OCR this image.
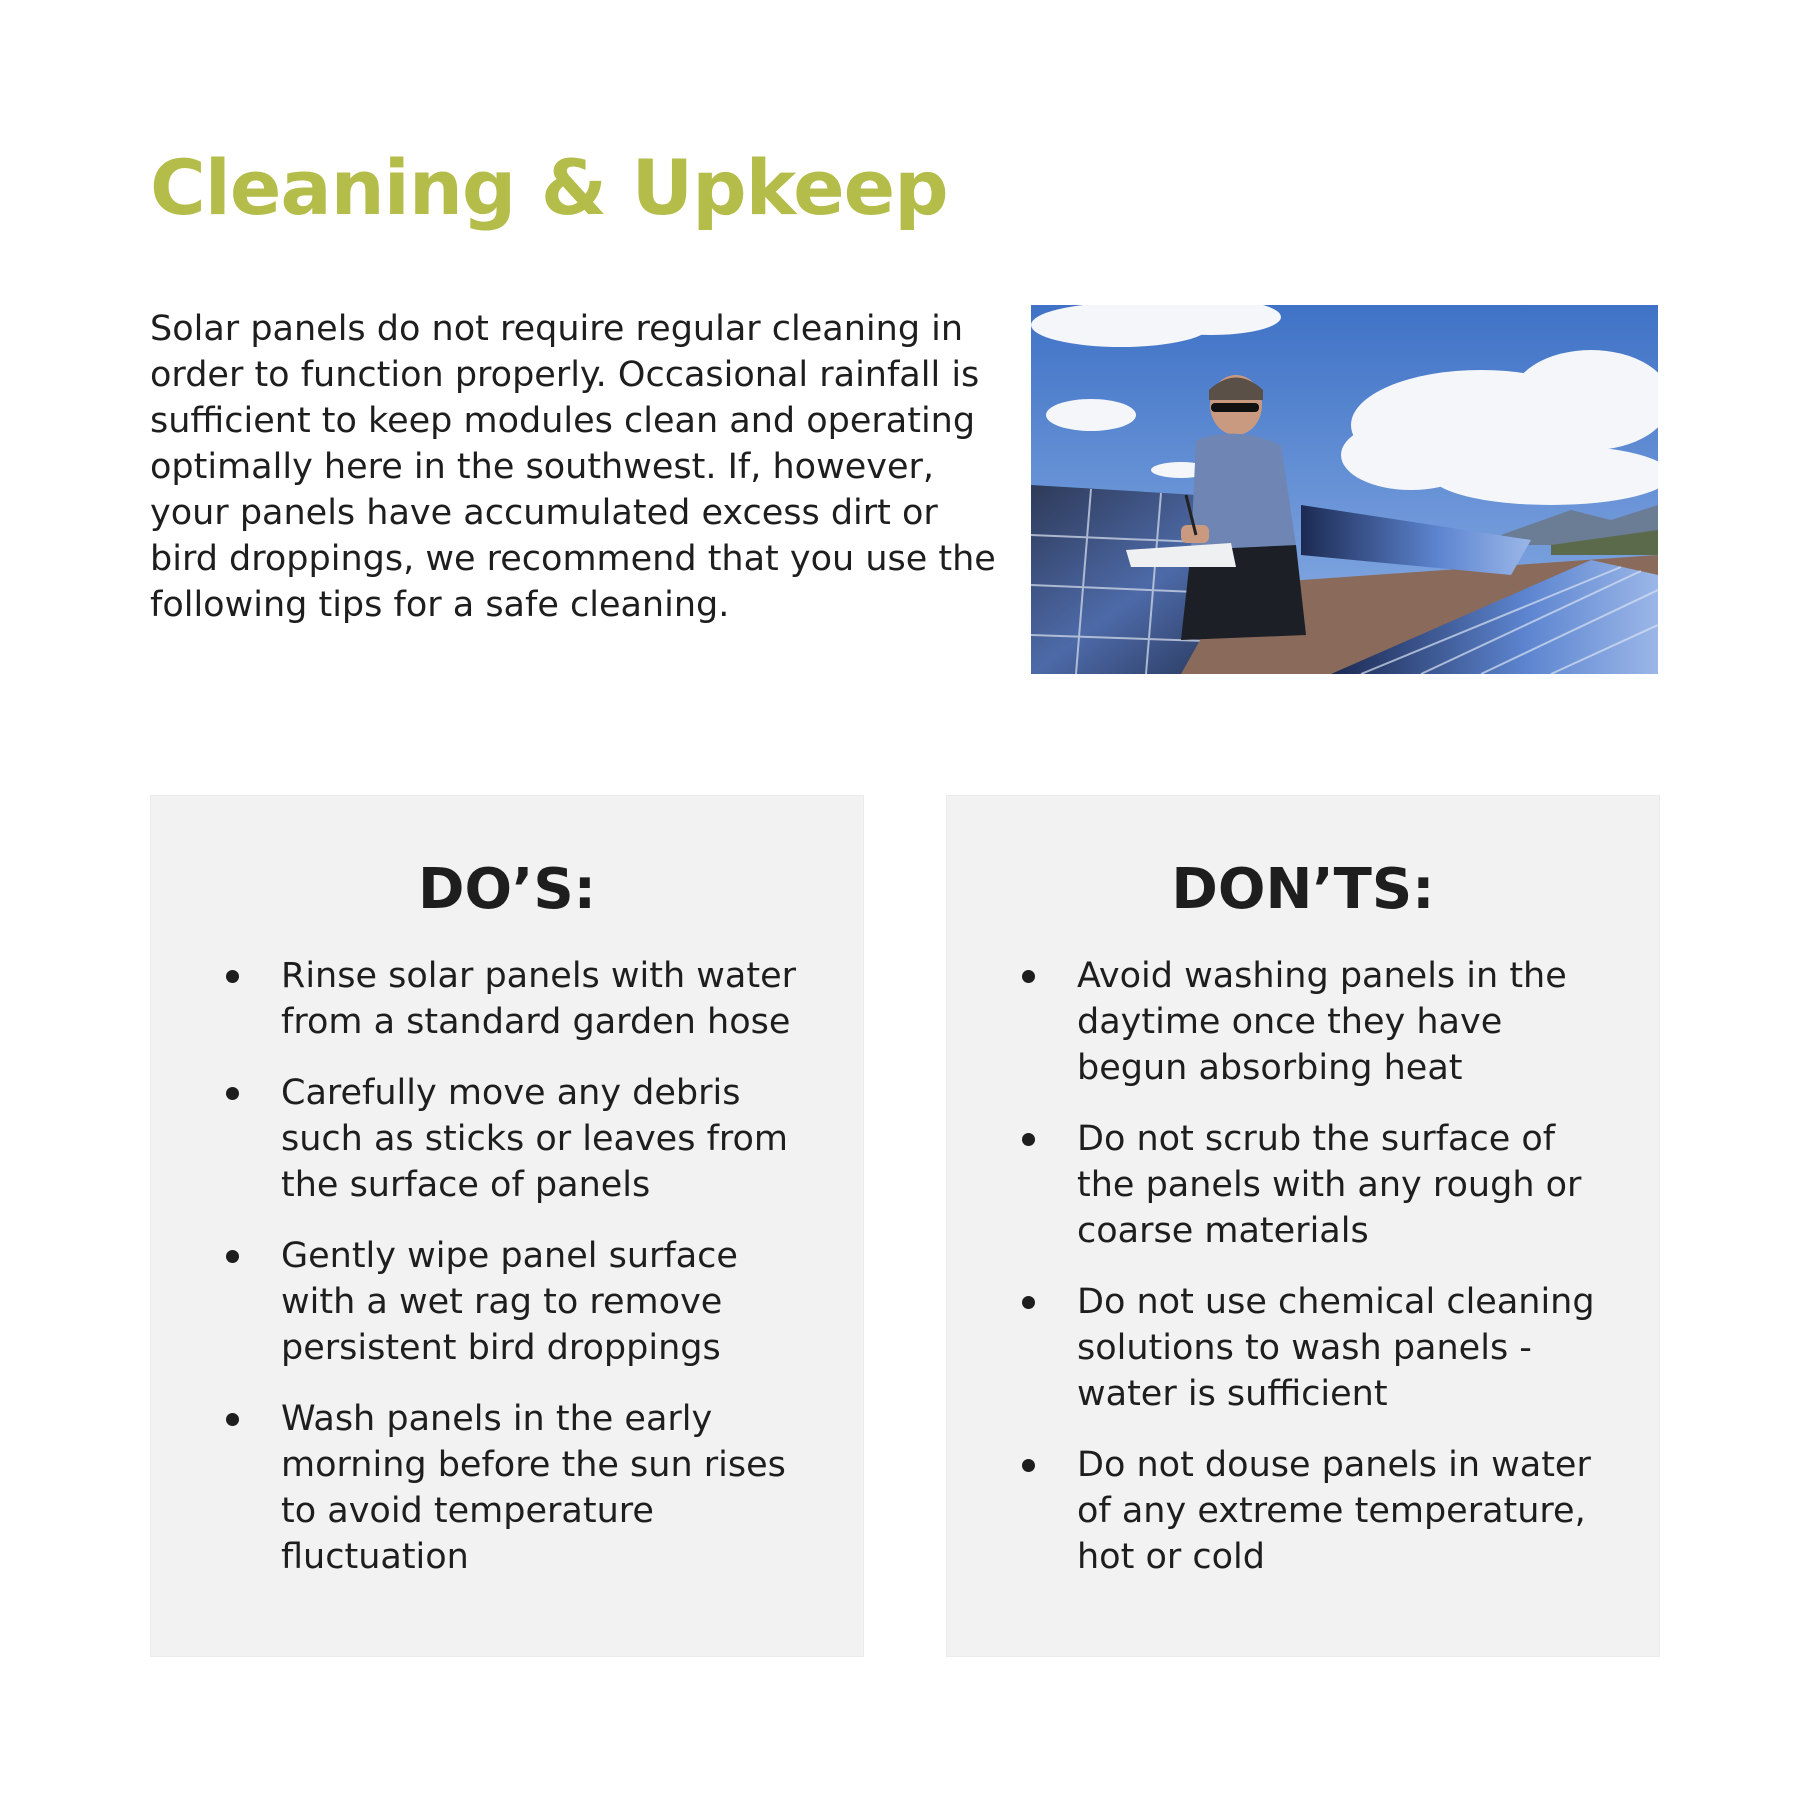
Cleaning & Upkeep

Solar panels do not require regular cleaning in order to function properly. Occasional rainfall is sufficient to keep modules clean and operating optimally here in the southwest. If, however, your panels have accumulated excess dirt or bird droppings, we recommend that you use the following tips for a safe cleaning.

DO’S:
Rinse solar panels with water from a standard garden hose
Carefully move any debris such as sticks or leaves from the surface of panels
Gently wipe panel surface with a wet rag to remove persistent bird droppings
Wash panels in the early morning before the sun rises to avoid temperature fluctuation
DON’TS:
Avoid washing panels in the daytime once they have begun absorbing heat
Do not scrub the surface of the panels with any rough or coarse materials
Do not use chemical cleaning solutions to wash panels - water is sufficient
Do not douse panels in water of any extreme temperature, hot or cold
